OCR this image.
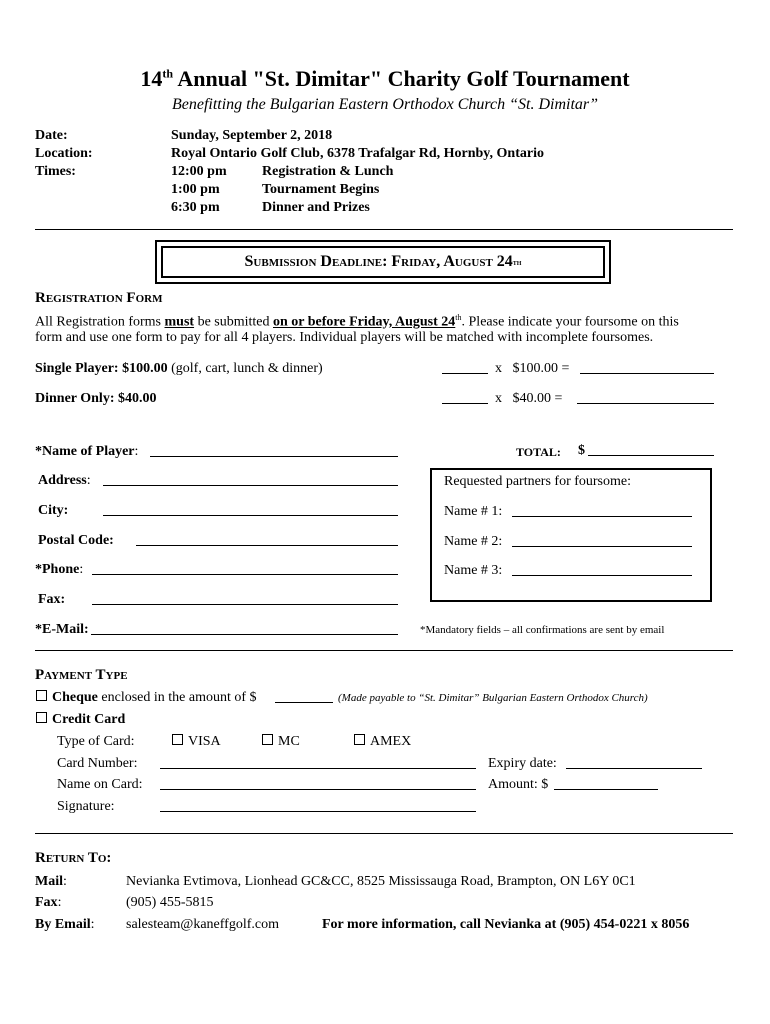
14th Annual "St. Dimitar" Charity Golf Tournament
Benefitting the Bulgarian Eastern Orthodox Church “St. Dimitar”
Date:	Sunday, September 2, 2018
Location:	Royal Ontario Golf Club, 6378 Trafalgar Rd, Hornby, Ontario
Times:	12:00 pm	Registration & Lunch
1:00 pm	Tournament Begins
6:30 pm	Dinner and Prizes
Submission Deadline: Friday, August 24 th
Registration Form
All Registration forms must be submitted on or before Friday, August 24th. Please indicate your foursome on this
form and use one form to pay for all 4 players. Individual players will be matched with incomplete foursomes.
Single Player: $100.00 (golf, cart, lunch & dinner)	x   $100.00 =
Dinner Only: $40.00	x   $40.00 =
*Name of Player:	TOTAL: $
Address:
City:
Postal Code:
*Phone:
Fax:
*E-Mail:	*Mandatory fields – all confirmations are sent by email
Requested partners for foursome:
Name # 1:
Name # 2:
Name # 3:
Payment Type
Cheque enclosed in the amount of $	(Made payable to “St. Dimitar” Bulgarian Eastern Orthodox Church)
Credit Card
Type of Card:	VISA	MC	AMEX
Card Number:	Expiry date:
Name on Card:	Amount: $
Signature:
Return To:
Mail:	Nevianka Evtimova, Lionhead GC&CC, 8525 Mississauga Road, Brampton, ON L6Y 0C1
Fax:	(905) 455-5815
By Email: salesteam@kaneffgolf.com	For more information, call Nevianka at (905) 454-0221 x 8056
